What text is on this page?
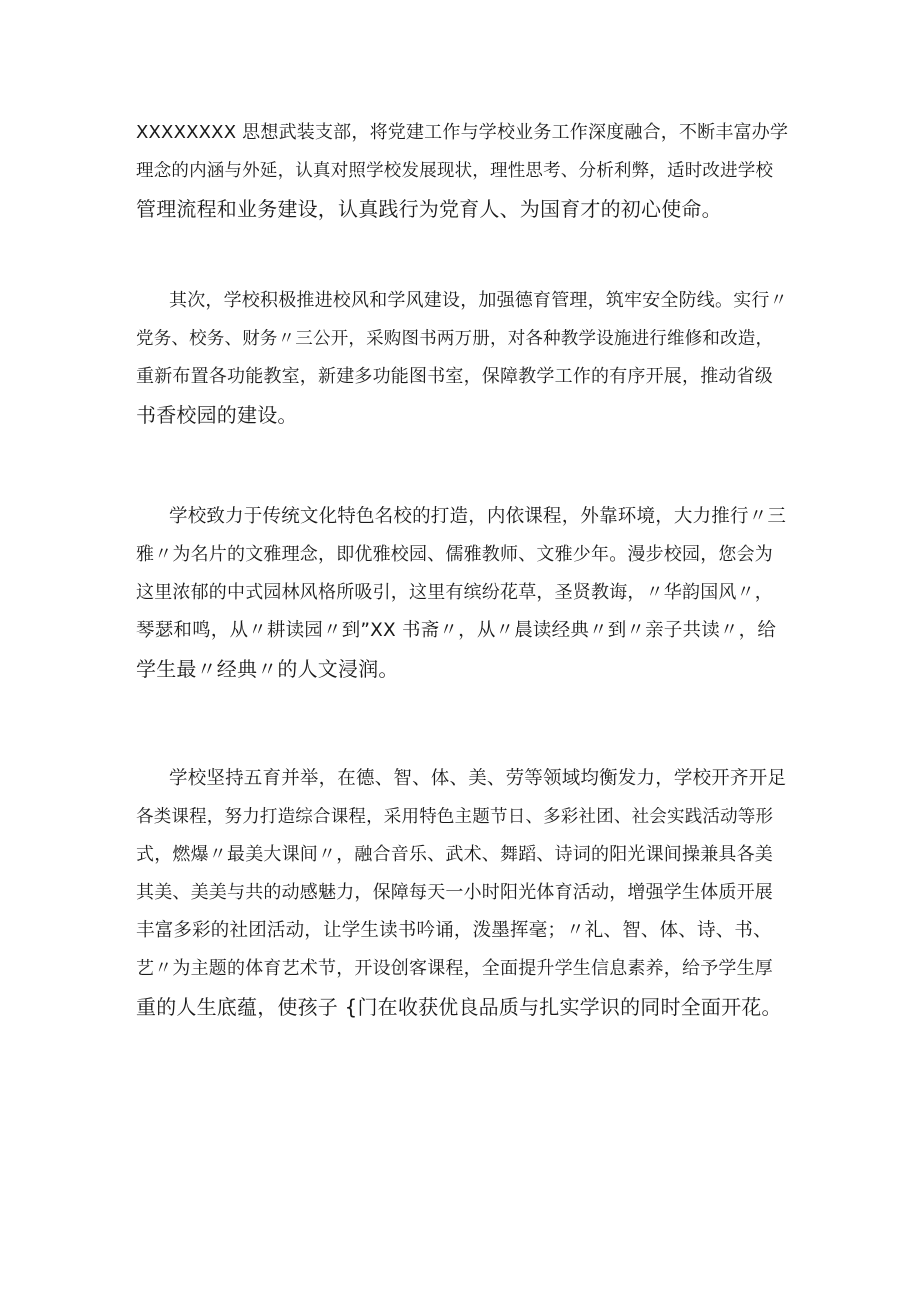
XXXXXXXX 思想武装支部，将党建工作与学校业务工作深度融合，不断丰富办学
理念的内涵与外延，认真对照学校发展现状，理性思考、分析利弊，适时改进学校
管理流程和业务建设，认真践行为党育人、为国育才的初心使命。

其次，学校积极推进校风和学风建设，加强德育管理，筑牢安全防线。实行〃
党务、校务、财务〃三公开，采购图书两万册，对各种教学设施进行维修和改造，
重新布置各功能教室，新建多功能图书室，保障教学工作的有序开展，推动省级
书香校园的建设。

学校致力于传统文化特色名校的打造，内依课程，外靠环境，大力推行〃三
雅〃为名片的文雅理念，即优雅校园、儒雅教师、文雅少年。漫步校园，您会为
这里浓郁的中式园林风格所吸引，这里有缤纷花草，圣贤教诲，〃华韵国风〃，
琴瑟和鸣，从〃耕读园〃到”XX 书斋〃，从〃晨读经典〃到〃亲子共读〃，给
学生最〃经典〃的人文浸润。

学校坚持五育并举，在德、智、体、美、劳等领域均衡发力，学校开齐开足
各类课程，努力打造综合课程，采用特色主题节日、多彩社团、社会实践活动等形
式，燃爆〃最美大课间〃，融合音乐、武术、舞蹈、诗词的阳光课间操兼具各美
其美、美美与共的动感魅力，保障每天一小时阳光体育活动，增强学生体质开展
丰富多彩的社团活动，让学生读书吟诵，泼墨挥毫；〃礼、智、体、诗、书、
艺〃为主题的体育艺术节，开设创客课程，全面提升学生信息素养，给予学生厚
重的人生底蕴，使孩子 {门在收获优良品质与扎实学识的同时全面开花。
